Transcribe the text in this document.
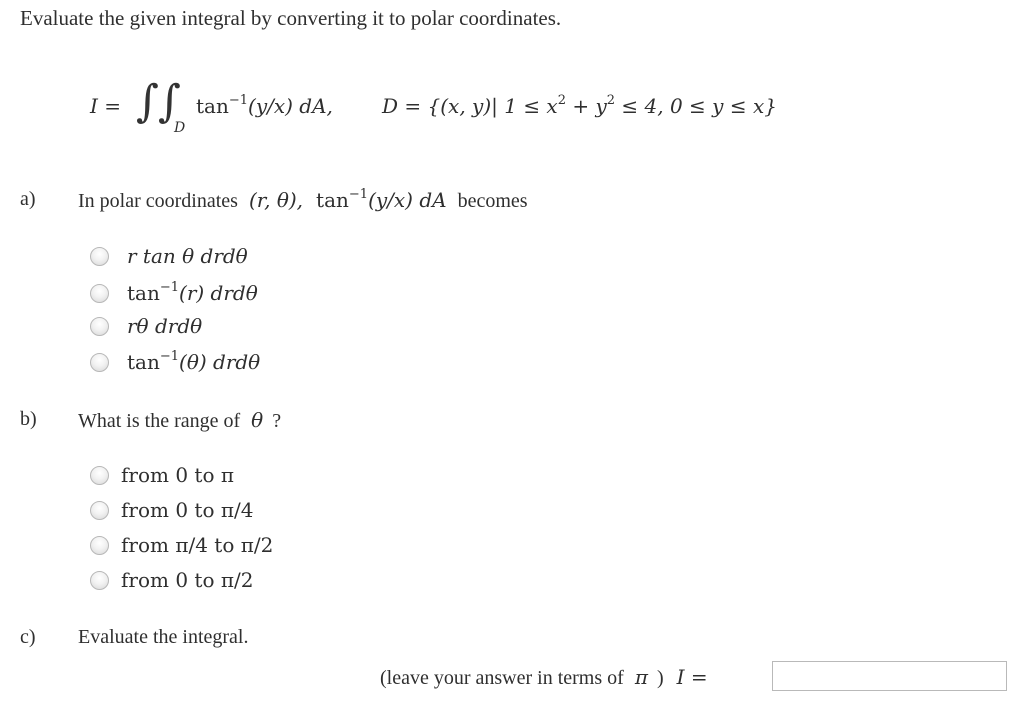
Evaluate the given integral by converting it to polar coordinates.
I = ∫ ∫
D
$\tan^{-1}(y/x)$ dA, D = {(x, y)| $1 \le x^2 + y^2 \le 4$, 0 ≤ y ≤ x}
a) In polar coordinates (r, θ), $\tan^{-1}(y/x)$ dA becomes
r tan θ drdθ
$\tan^{-1}(r)$ drdθ
rθ drdθ
$\tan^{-1}(\theta)$ drdθ
b) What is the range of θ ?
from 0 to π
from 0 to π/4
from π/4 to π/2
from 0 to π/2
c) Evaluate the integral.
(leave your answer in terms of π ) I =
